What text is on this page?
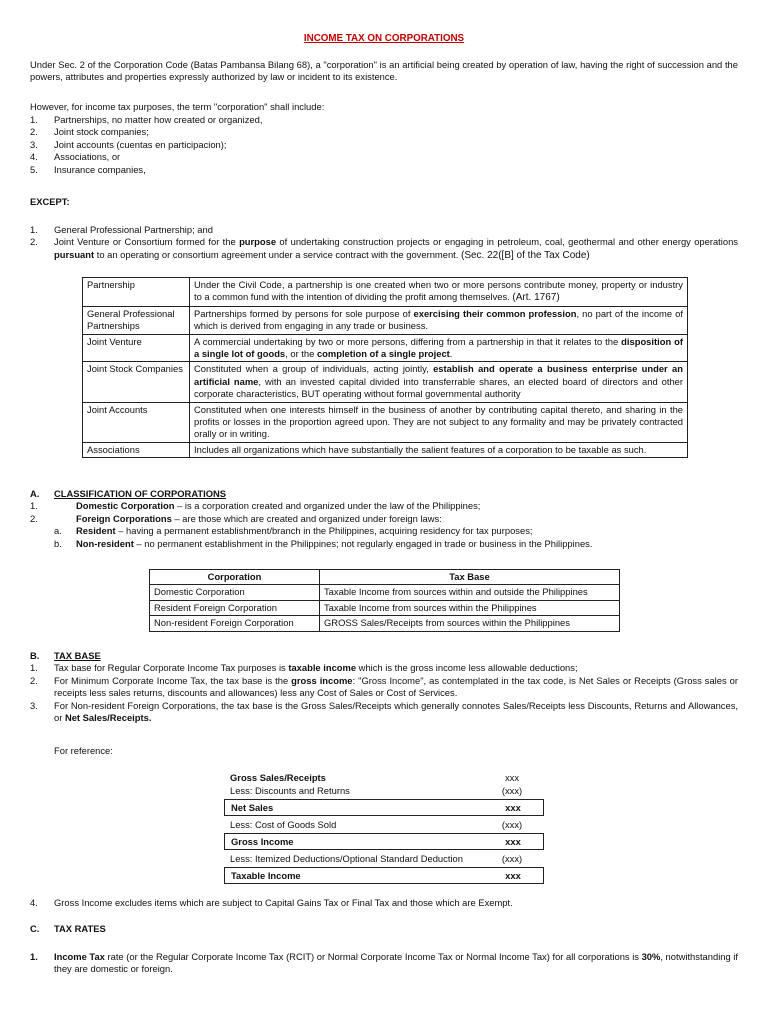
INCOME TAX ON CORPORATIONS

Under Sec. 2 of the Corporation Code (Batas Pambansa Bilang 68), a "corporation" is an artificial being created by operation of law, having the right of succession and the powers, attributes and properties expressly authorized by law or incident to its existence.

However, for income tax purposes, the term "corporation" shall include:

1. Partnerships, no matter how created or organized,
2. Joint stock companies;
3. Joint accounts (cuentas en participacion);
4. Associations, or
5. Insurance companies,

EXCEPT:

1. General Professional Partnership; and
2. Joint Venture or Consortium formed for the purpose of undertaking construction projects or engaging in petroleum, coal, geothermal and other energy operations pursuant to an operating or consortium agreement under a service contract with the government. (Sec. 22([B] of the Tax Code)
Partnership	Under the Civil Code, a partnership is one created when two or more persons contribute money, property or industry to a common fund with the intention of dividing the profit among themselves. (Art. 1767)
General Professional Partnerships	Partnerships formed by persons for sole purpose of exercising their common profession, no part of the income of which is derived from engaging in any trade or business.
Joint Venture	A commercial undertaking by two or more persons, differing from a partnership in that it relates to the disposition of a single lot of goods, or the completion of a single project.
Joint Stock Companies	Constituted when a group of individuals, acting jointly, establish and operate a business enterprise under an artificial name, with an invested capital divided into transferrable shares, an elected board of directors and other corporate characteristics, BUT operating without formal governmental authority
Joint Accounts	Constituted when one interests himself in the business of another by contributing capital thereto, and sharing in the profits or losses in the proportion agreed upon. They are not subject to any formality and may be privately contracted orally or in writing.
Associations	Includes all organizations which have substantially the salient features of a corporation to be taxable as such.
A. CLASSIFICATION OF CORPORATIONS
1.	Domestic Corporation – is a corporation created and organized under the law of the Philippines;
2.	Foreign Corporations – are those which are created and organized under foreign laws:
a. Resident – having a permanent establishment/branch in the Philippines, acquiring residency for tax purposes;
b. Non-resident – no permanent establishment in the Philippines; not regularly engaged in trade or business in the Philippines.
Corporation	Tax Base
Domestic Corporation	Taxable Income from sources within and outside the Philippines
Resident Foreign Corporation	Taxable Income from sources within the Philippines
Non-resident Foreign Corporation	GROSS Sales/Receipts from sources within the Philippines
B. TAX BASE
1. Tax base for Regular Corporate Income Tax purposes is taxable income which is the gross income less allowable deductions;
2. For Minimum Corporate Income Tax, the tax base is the gross income: "Gross Income", as contemplated in the tax code, is Net Sales or Receipts (Gross sales or receipts less sales returns, discounts and allowances) less any Cost of Sales or Cost of Services.
3. For Non-resident Foreign Corporations, the tax base is the Gross Sales/Receipts which generally connotes Sales/Receipts less Discounts, Returns and Allowances, or Net Sales/Receipts.

For reference:

Gross Sales/Receipts	xxx
Less: Discounts and Returns	(xxx)
Net Sales	xxx
Less: Cost of Goods Sold	(xxx)
Gross Income	xxx
Less: Itemized Deductions/Optional Standard Deduction	(xxx)
Taxable Income	xxx
4. Gross Income excludes items which are subject to Capital Gains Tax or Final Tax and those which are Exempt.
C. TAX RATES
1. Income Tax rate (or the Regular Corporate Income Tax (RCIT) or Normal Corporate Income Tax or Normal Income Tax) for all corporations is 30%, notwithstanding if they are domestic or foreign.
